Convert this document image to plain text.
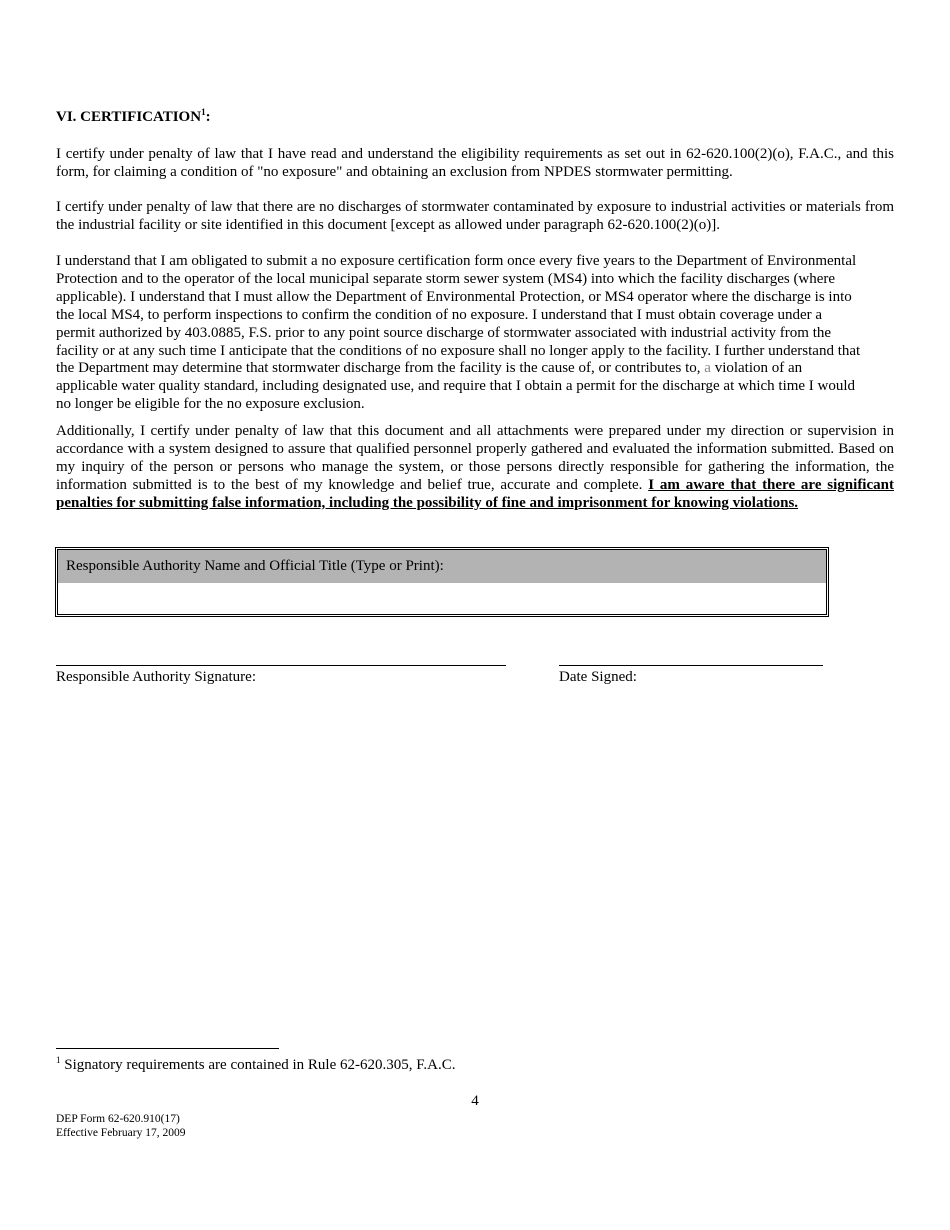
VI. CERTIFICATION$^1$:
I certify under penalty of law that I have read and understand the eligibility requirements as set out in 62-620.100(2)(o), F.A.C., and this form, for claiming a condition of "no exposure" and obtaining an exclusion from NPDES stormwater permitting.
I certify under penalty of law that there are no discharges of stormwater contaminated by exposure to industrial activities or materials from the industrial facility or site identified in this document [except as allowed under paragraph 62-620.100(2)(o)].
I understand that I am obligated to submit a no exposure certification form once every five years to the Department of Environmental
Protection and to the operator of the local municipal separate storm sewer system (MS4) into which the facility discharges (where
applicable). I understand that I must allow the Department of Environmental Protection, or MS4 operator where the discharge is into
the local MS4, to perform inspections to confirm the condition of no exposure. I understand that I must obtain coverage under a
permit authorized by 403.0885, F.S. prior to any point source discharge of stormwater associated with industrial activity from the
facility or at any such time I anticipate that the conditions of no exposure shall no longer apply to the facility. I further understand that
the Department may determine that stormwater discharge from the facility is the cause of, or contributes to, a violation of an
applicable water quality standard, including designated use, and require that I obtain a permit for the discharge at which time I would
no longer be eligible for the no exposure exclusion.
Additionally, I certify under penalty of law that this document and all attachments were prepared under my direction or supervision in accordance with a system designed to assure that qualified personnel properly gathered and evaluated the information submitted. Based on my inquiry of the person or persons who manage the system, or those persons directly responsible for gathering the information, the information submitted is to the best of my knowledge and belief true, accurate and complete. I am aware that there are significant penalties for submitting false information, including the possibility of fine and imprisonment for knowing violations.
Responsible Authority Name and Official Title (Type or Print):
Responsible Authority Signature:	Date Signed:
$^1$ Signatory requirements are contained in Rule 62-620.305, F.A.C.
4
DEP Form 62-620.910(17)
Effective February 17, 2009
